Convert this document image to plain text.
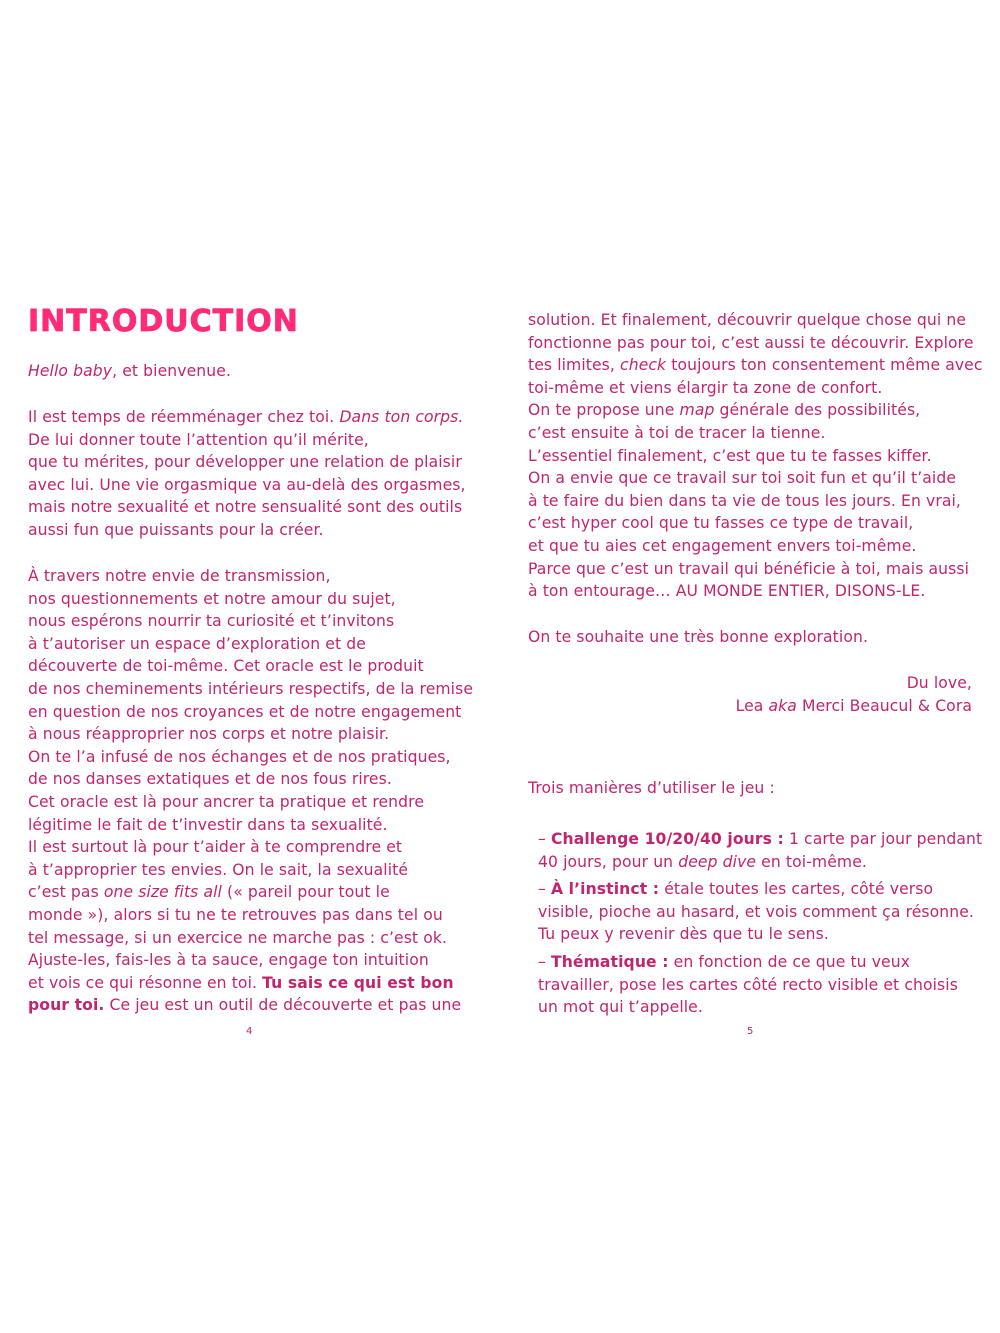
INTRODUCTION
Hello baby, et bienvenue.
Il est temps de réemménager chez toi. Dans ton corps.
De lui donner toute l’attention qu’il mérite,
que tu mérites, pour développer une relation de plaisir
avec lui. Une vie orgasmique va au-delà des orgasmes,
mais notre sexualité et notre sensualité sont des outils
aussi fun que puissants pour la créer.
À travers notre envie de transmission,
nos questionnements et notre amour du sujet,
nous espérons nourrir ta curiosité et t’invitons
à t’autoriser un espace d’exploration et de
découverte de toi-même. Cet oracle est le produit
de nos cheminements intérieurs respectifs, de la remise
en question de nos croyances et de notre engagement
à nous réapproprier nos corps et notre plaisir.
On te l’a infusé de nos échanges et de nos pratiques,
de nos danses extatiques et de nos fous rires.
Cet oracle est là pour ancrer ta pratique et rendre
légitime le fait de t’investir dans ta sexualité.
Il est surtout là pour t’aider à te comprendre et
à t’approprier tes envies. On le sait, la sexualité
c’est pas one size fits all (« pareil pour tout le
monde »), alors si tu ne te retrouves pas dans tel ou
tel message, si un exercice ne marche pas : c’est ok.
Ajuste-les, fais-les à ta sauce, engage ton intuition
et vois ce qui résonne en toi. Tu sais ce qui est bon
pour toi. Ce jeu est un outil de découverte et pas une
4
solution. Et finalement, découvrir quelque chose qui ne
fonctionne pas pour toi, c’est aussi te découvrir. Explore
tes limites, check toujours ton consentement même avec
toi-même et viens élargir ta zone de confort.
On te propose une map générale des possibilités,
c’est ensuite à toi de tracer la tienne.
L’essentiel finalement, c’est que tu te fasses kiffer.
On a envie que ce travail sur toi soit fun et qu’il t’aide
à te faire du bien dans ta vie de tous les jours. En vrai,
c’est hyper cool que tu fasses ce type de travail,
et que tu aies cet engagement envers toi-même.
Parce que c’est un travail qui bénéficie à toi, mais aussi
à ton entourage… AU MONDE ENTIER, DISONS-LE.
On te souhaite une très bonne exploration.
Du love,
Lea aka Merci Beaucul & Cora
Trois manières d’utiliser le jeu :
– Challenge 10/20/40 jours : 1 carte par jour pendant
40 jours, pour un deep dive en toi-même.
– À l’instinct : étale toutes les cartes, côté verso
visible, pioche au hasard, et vois comment ça résonne.
Tu peux y revenir dès que tu le sens.
– Thématique : en fonction de ce que tu veux
travailler, pose les cartes côté recto visible et choisis
un mot qui t’appelle.
5
